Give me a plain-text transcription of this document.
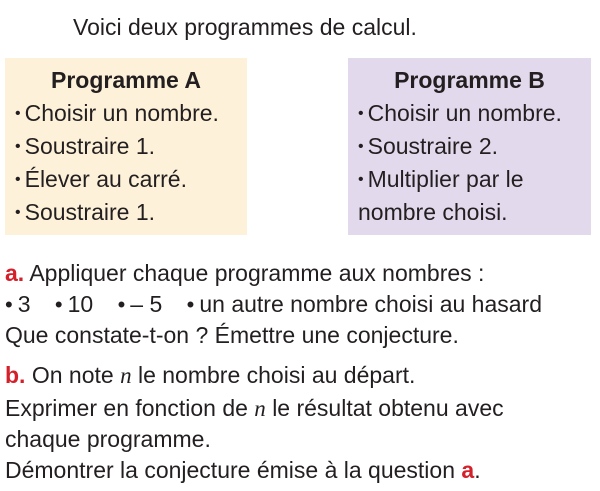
Voici deux programmes de calcul.
Programme A
• Choisir un nombre.
• Soustraire 1.
• Élever au carré.
• Soustraire 1.
Programme B
• Choisir un nombre.
• Soustraire 2.
• Multiplier par le
nombre choisi.
a. Appliquer chaque programme aux nombres :
• 3 • 10 • – 5 • un autre nombre choisi au hasard
Que constate-t-on ? Émettre une conjecture.
b. On note n le nombre choisi au départ.
Exprimer en fonction de n le résultat obtenu avec
chaque programme.
Démontrer la conjecture émise à la question a.
